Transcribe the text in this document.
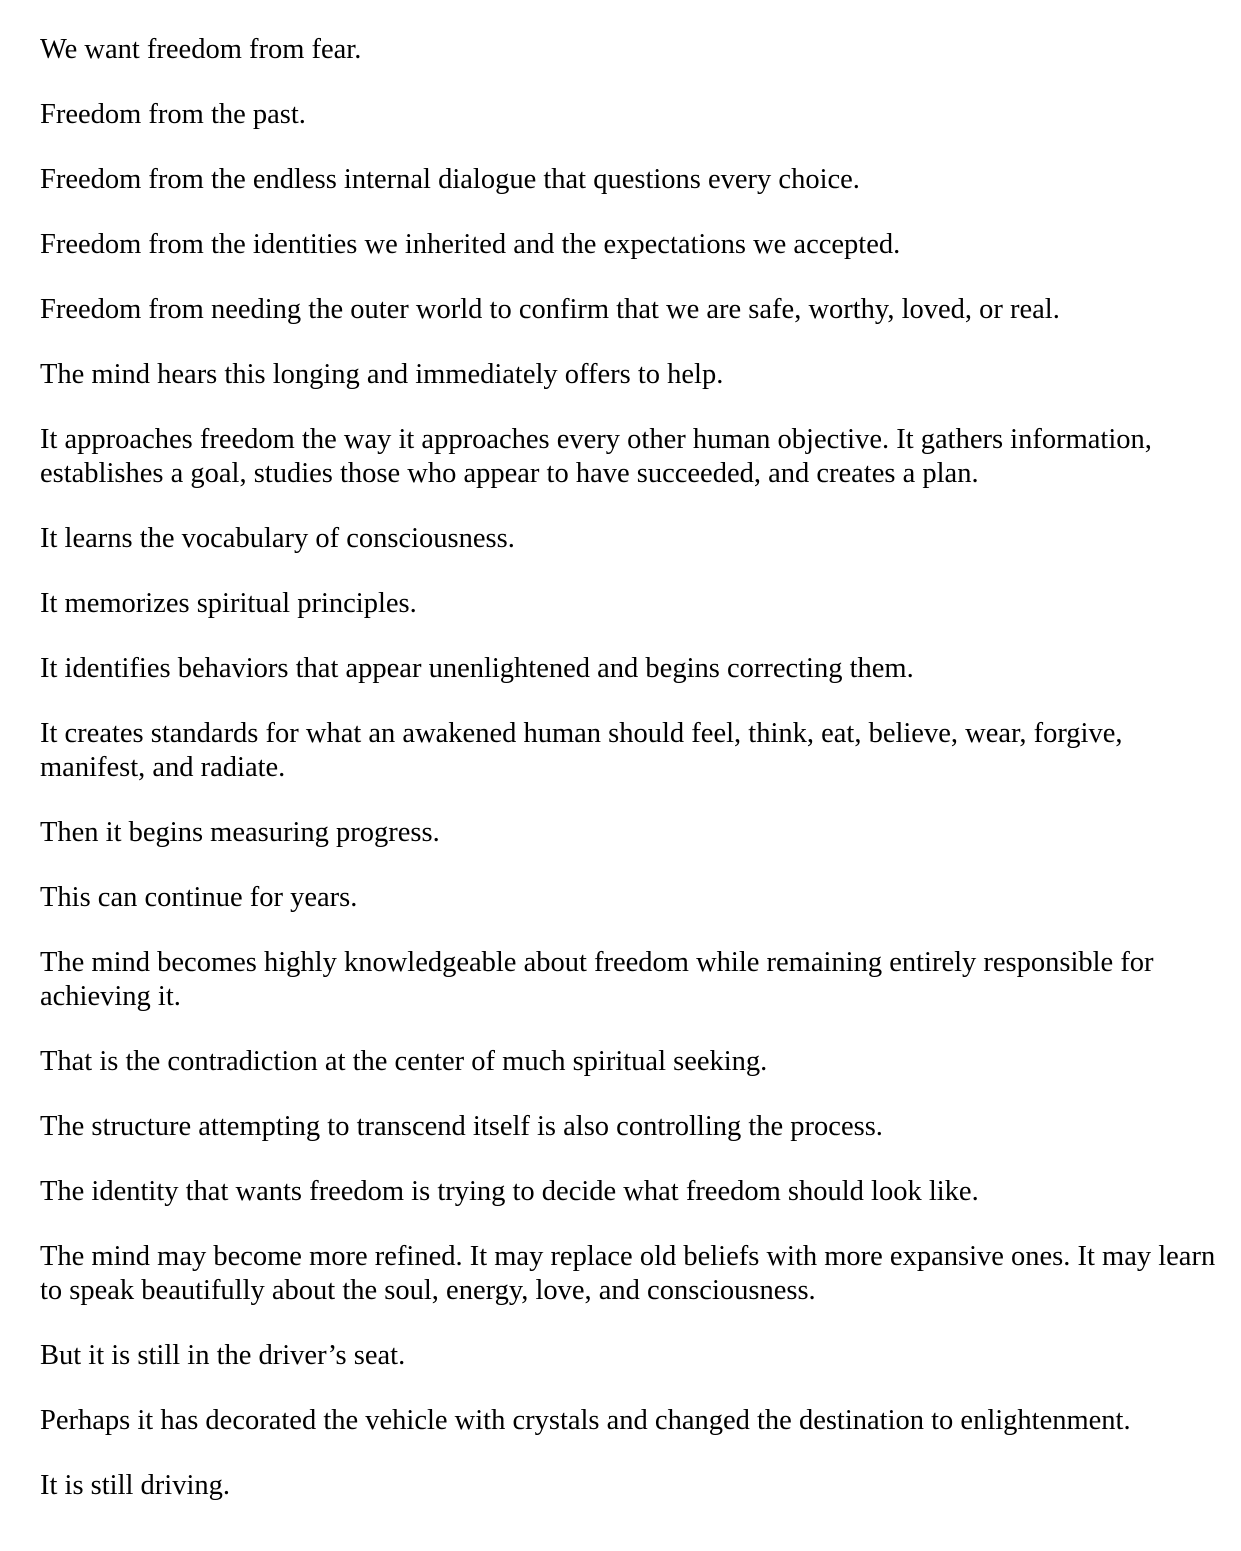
We want freedom from fear.

Freedom from the past.

Freedom from the endless internal dialogue that questions every choice.

Freedom from the identities we inherited and the expectations we accepted.

Freedom from needing the outer world to confirm that we are safe, worthy, loved, or real.

The mind hears this longing and immediately offers to help.

It approaches freedom the way it approaches every other human objective. It gathers information, establishes a goal, studies those who appear to have succeeded, and creates a plan.

It learns the vocabulary of consciousness.

It memorizes spiritual principles.

It identifies behaviors that appear unenlightened and begins correcting them.

It creates standards for what an awakened human should feel, think, eat, believe, wear, forgive, manifest, and radiate.

Then it begins measuring progress.

This can continue for years.

The mind becomes highly knowledgeable about freedom while remaining entirely responsible for achieving it.

That is the contradiction at the center of much spiritual seeking.

The structure attempting to transcend itself is also controlling the process.

The identity that wants freedom is trying to decide what freedom should look like.

The mind may become more refined. It may replace old beliefs with more expansive ones. It may learn to speak beautifully about the soul, energy, love, and consciousness.

But it is still in the driver’s seat.

Perhaps it has decorated the vehicle with crystals and changed the destination to enlightenment.

It is still driving.
